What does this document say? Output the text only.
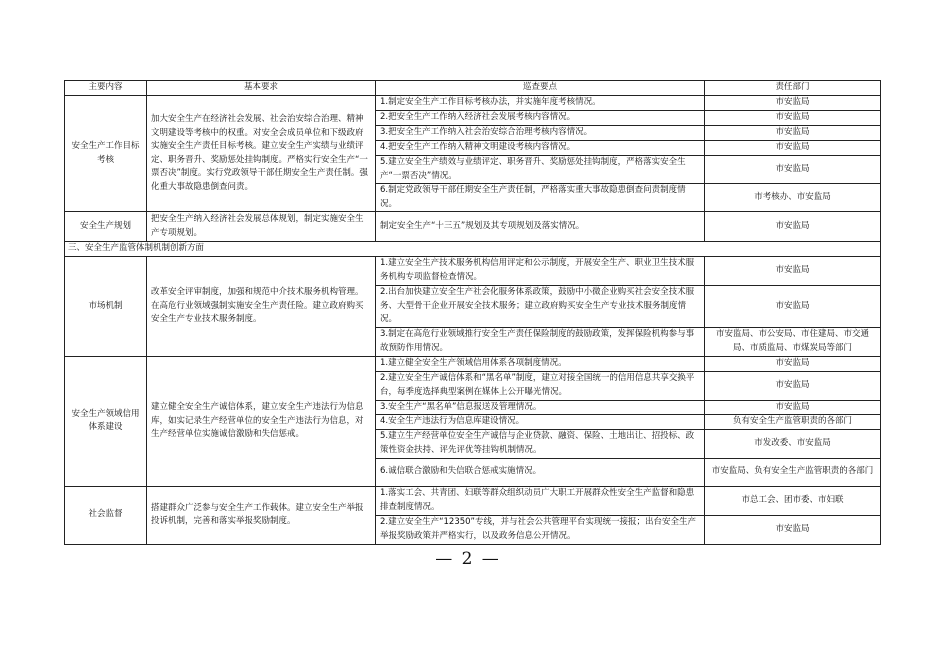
主要内容	基本要求	巡查要点	责任部门
安全生产工作目标考核	加大安全生产在经济社会发展、社会治安综合治理、精神文明建设等考核中的权重。对安全会成员单位和下级政府实施安全生产责任目标考核。建立安全生产实绩与业绩评定、职务晋升、奖励惩处挂钩制度。严格实行安全生产“一票否决”制度。实行党政领导干部任期安全生产责任制。强化重大事故隐患倒查问责。	1.制定安全生产工作目标考核办法，并实施年度考核情况。	市安监局
		2.把安全生产工作纳入经济社会发展考核内容情况。	市安监局
		3.把安全生产工作纳入社会治安综合治理考核内容情况。	市安监局
		4.把安全生产工作纳入精神文明建设考核内容情况。	市安监局
		5.建立安全生产绩效与业绩评定、职务晋升、奖励惩处挂钩制度，严格落实安全生产“一票否决”情况。	市安监局
		6.制定党政领导干部任期安全生产责任制，严格落实重大事故隐患倒查问责制度情况。	市考核办、市安监局
安全生产规划	把安全生产纳入经济社会发展总体规划，制定实施安全生产专项规划。	制定安全生产“十三五”规划及其专项规划及落实情况。	市安监局
三、安全生产监管体制机制创新方面			
市场机制	改革安全评审制度，加强和规范中介技术服务机构管理。在高危行业领域强制实施安全生产责任险。建立政府购买安全生产专业技术服务制度。	1.建立安全生产技术服务机构信用评定和公示制度，开展安全生产、职业卫生技术服务机构专项监督检查情况。	市安监局
		2.出台加快建立安全生产社会化服务体系政策，鼓励中小微企业购买社会安全技术服务、大型骨干企业开展安全技术服务；建立政府购买安全生产专业技术服务制度情况。	市安监局
		3.制定在高危行业领域推行安全生产责任保险制度的鼓励政策，发挥保险机构参与事故预防作用情况。	市安监局、市公安局、市住建局、市交通局、市质监局、市煤炭局等部门
安全生产领域信用体系建设	建立健全安全生产诚信体系，建立安全生产违法行为信息库，如实记录生产经营单位的安全生产违法行为信息，对生产经营单位实施诚信激励和失信惩戒。	1.建立健全安全生产领域信用体系各项制度情况。	市安监局
		2.建立安全生产诚信体系和“黑名单”制度，建立对接全国统一的信用信息共享交换平台，每季度选择典型案例在媒体上公开曝光情况。	市安监局
		3.安全生产“黑名单”信息报送及管理情况。	市安监局
		4.安全生产违法行为信息库建设情况。	负有安全生产监管职责的各部门
		5.建立生产经营单位安全生产诚信与企业贷款、融资、保险、土地出让、招投标、政策性资金扶持、评先评优等挂钩机制情况。	市发改委、市安监局
		6.诚信联合激励和失信联合惩戒实施情况。	市安监局、负有安全生产监管职责的各部门
社会监督	搭建群众广泛参与安全生产工作载体。建立安全生产举报投诉机制，完善和落实举报奖励制度。	1.落实工会、共青团、妇联等群众组织动员广大职工开展群众性安全生产监督和隐患排查制度情况。	市总工会、团市委、市妇联
		2.建立安全生产“12350”专线，并与社会公共管理平台实现统一接报；出台安全生产举报奖励政策并严格实行，以及政务信息公开情况。	市安监局
— 2 —
